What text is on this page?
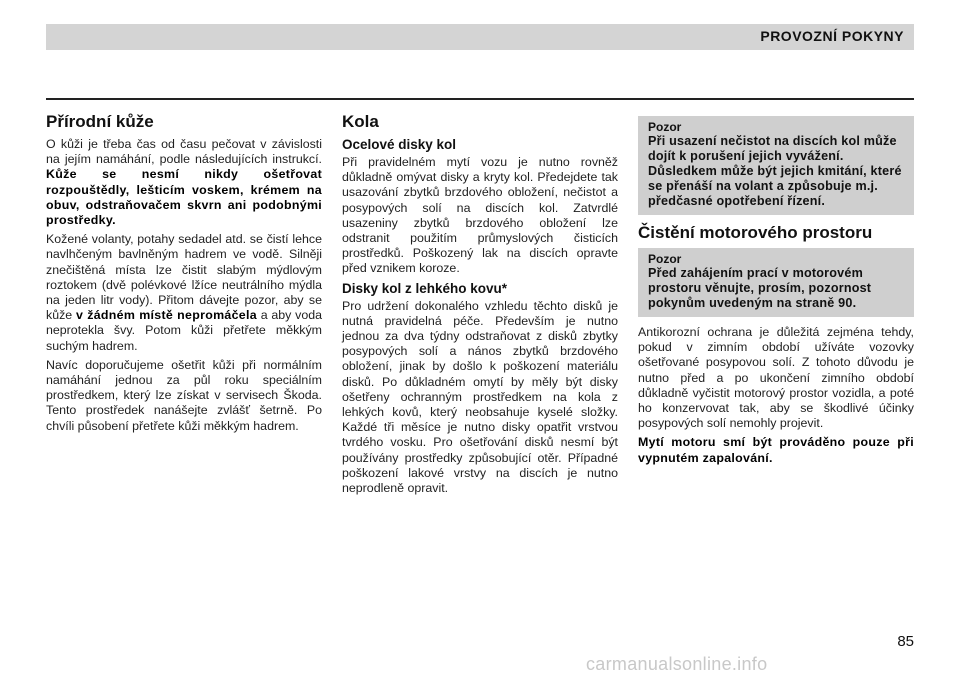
PROVOZNÍ POKYNY
Přírodní kůže

O kůži je třeba čas od času pečovat v závislosti na jejím namáhání, podle následujících instrukcí. Kůže se nesmí nikdy ošetřovat rozpouštědly, lešticím voskem, krémem na obuv, odstraňovačem skvrn ani podobnými prostředky.

Kožené volanty, potahy sedadel atd. se čistí lehce navlhčeným bavlněným hadrem ve vodě. Silněji znečištěná místa lze čistit slabým mýdlovým roztokem (dvě polévkové lžíce neutrálního mýdla na jeden litr vody). Přitom dávejte pozor, aby se kůže v žádném místě nepromáčela a aby voda neprotekla švy. Potom kůži přetřete měkkým suchým hadrem.

Navíc doporučujeme ošetřit kůži při normálním namáhání jednou za půl roku speciálním prostředkem, který lze získat v servisech Škoda. Tento prostředek nanášejte zvlášť šetrně. Po chvíli působení přetřete kůži měkkým hadrem.

Kola
Ocelové disky kol

Při pravidelném mytí vozu je nutno rovněž důkladně omývat disky a kryty kol. Předejdete tak usazování zbytků brzdového obložení, nečistot a posypových solí na discích kol. Zatvrdlé usazeniny zbytků brzdového obložení lze odstranit použitím průmyslových čisticích prostředků. Poškozený lak na discích opravte před vznikem koroze.

Disky kol z lehkého kovu*

Pro udržení dokonalého vzhledu těchto disků je nutná pravidelná péče. Především je nutno jednou za dva týdny odstraňovat z disků zbytky posypových solí a nános zbytků brzdového obložení, jinak by došlo k poškození materiálu disků. Po důkladném omytí by měly být disky ošetřeny ochranným prostředkem na kola z lehkých kovů, který neobsahuje kyselé složky. Každé tři měsíce je nutno disky opatřit vrstvou tvrdého vosku. Pro ošetřování disků nesmí být používány prostředky způsobující otěr. Případné poškození lakové vrstvy na discích je nutno neprodleně opravit.

Pozor
Při usazení nečistot na discích kol může dojít k porušení jejich vyvážení. Důsledkem může být jejich kmitání, které se přenáší na volant a způsobuje m.j. předčasné opotřebení řízení.
Čistění motorového prostoru
Pozor
Před zahájením prací v motorovém prostoru věnujte, prosím, pozornost pokynům uvedeným na straně 90.

Antikorozní ochrana je důležitá zejména tehdy, pokud v zimním období užíváte vozovky ošetřované posypovou solí. Z tohoto důvodu je nutno před a po ukončení zimního období důkladně vyčistit motorový prostor vozidla, a poté ho konzervovat tak, aby se škodlivé účinky posypových solí nemohly projevit.

Mytí motoru smí být prováděno pouze při vypnutém zapalování.

85
carmanualsonline.info
